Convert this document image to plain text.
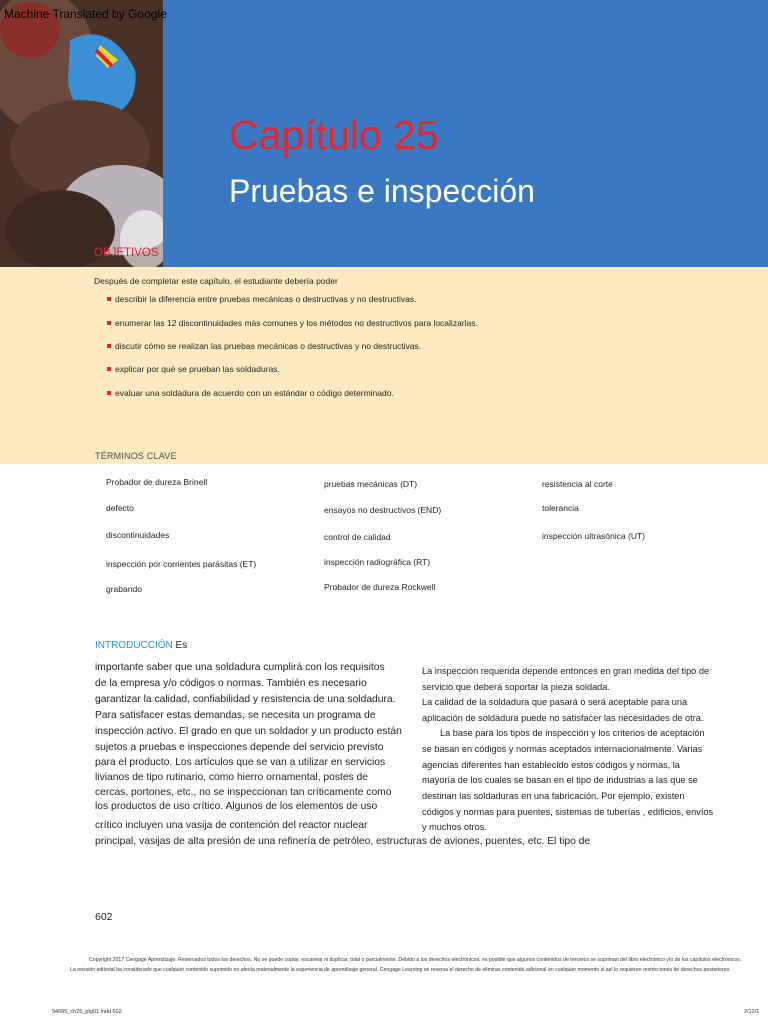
Machine Translated by Google
Capítulo 25
Pruebas e inspección
OBJETIVOS
Después de completar este capítulo, el estudiante debería poder
describir la diferencia entre pruebas mecánicas o destructivas y no destructivas.
enumerar las 12 discontinuidades más comunes y los métodos no destructivos para localizarlas.
discutir cómo se realizan las pruebas mecánicas o destructivas y no destructivas.
explicar por qué se prueban las soldaduras.
evaluar una soldadura de acuerdo con un estándar o código determinado.
TÉRMINOS CLAVE
Probador de dureza Brinell
defecto
discontinuidades
inspección por corrientes parásitas (ET)
grabando
pruebas mecánicas (DT)
ensayos no destructivos (END)
control de calidad
inspección radiográfica (RT)
Probador de dureza Rockwell
resistencia al corte
tolerancia
inspección ultrasónica (UT)
INTRODUCCIÓN Es
importante saber que una soldadura cumplirá con los requisitos
de la empresa y/o códigos o normas. También es necesario
garantizar la calidad, confiabilidad y resistencia de una soldadura.
Para satisfacer estas demandas, se necesita un programa de
inspección activo. El grado en que un soldador y un producto están
sujetos a pruebas e inspecciones depende del servicio previsto
para el producto. Los artículos que se van a utilizar en servicios
livianos de tipo rutinario, como hierro ornamental, postes de
cercas, portones, etc., no se inspeccionan tan críticamente como
los productos de uso crítico. Algunos de los elementos de uso
crítico incluyen una vasija de contención del reactor nuclear
La inspección requerida depende entonces en gran medida del tipo de
servicio que deberá soportar la pieza soldada.
La calidad de la soldadura que pasará o será aceptable para una
aplicación de soldadura puede no satisfacer las necesidades de otra.
La base para los tipos de inspección y los criterios de aceptación
se basan en códigos y normas aceptados internacionalmente. Varias
agencias diferentes han establecido estos códigos y normas, la
mayoría de los cuales se basan en el tipo de industrias a las que se
destinan las soldaduras en una fabricación. Por ejemplo, existen
códigos y normas para puentes, sistemas de tuberías , edificios, envíos
y muchos otros.
principal, vasijas de alta presión de una refinería de petróleo, estructuras de aviones, puentes, etc. El tipo de
602
Copyright 2017 Cengage Aprendizaje. Reservados todos los derechos. No se puede copiar, escanear ni duplicar, total o parcialmente. Debido a los derechos electrónicos, es posible que algunos contenidos de terceros se supriman del libro electrónico y/o de los capítulos electrónicos.
La revisión editorial ha considerado que cualquier contenido suprimido no afecta materialmente la experiencia de aprendizaje general. Cengage Learning se reserva el derecho de eliminar contenido adicional en cualquier momento si así lo requieren restricciones de derechos posteriores.
94695_ch25_ptg01.indd 602	2/12/1
